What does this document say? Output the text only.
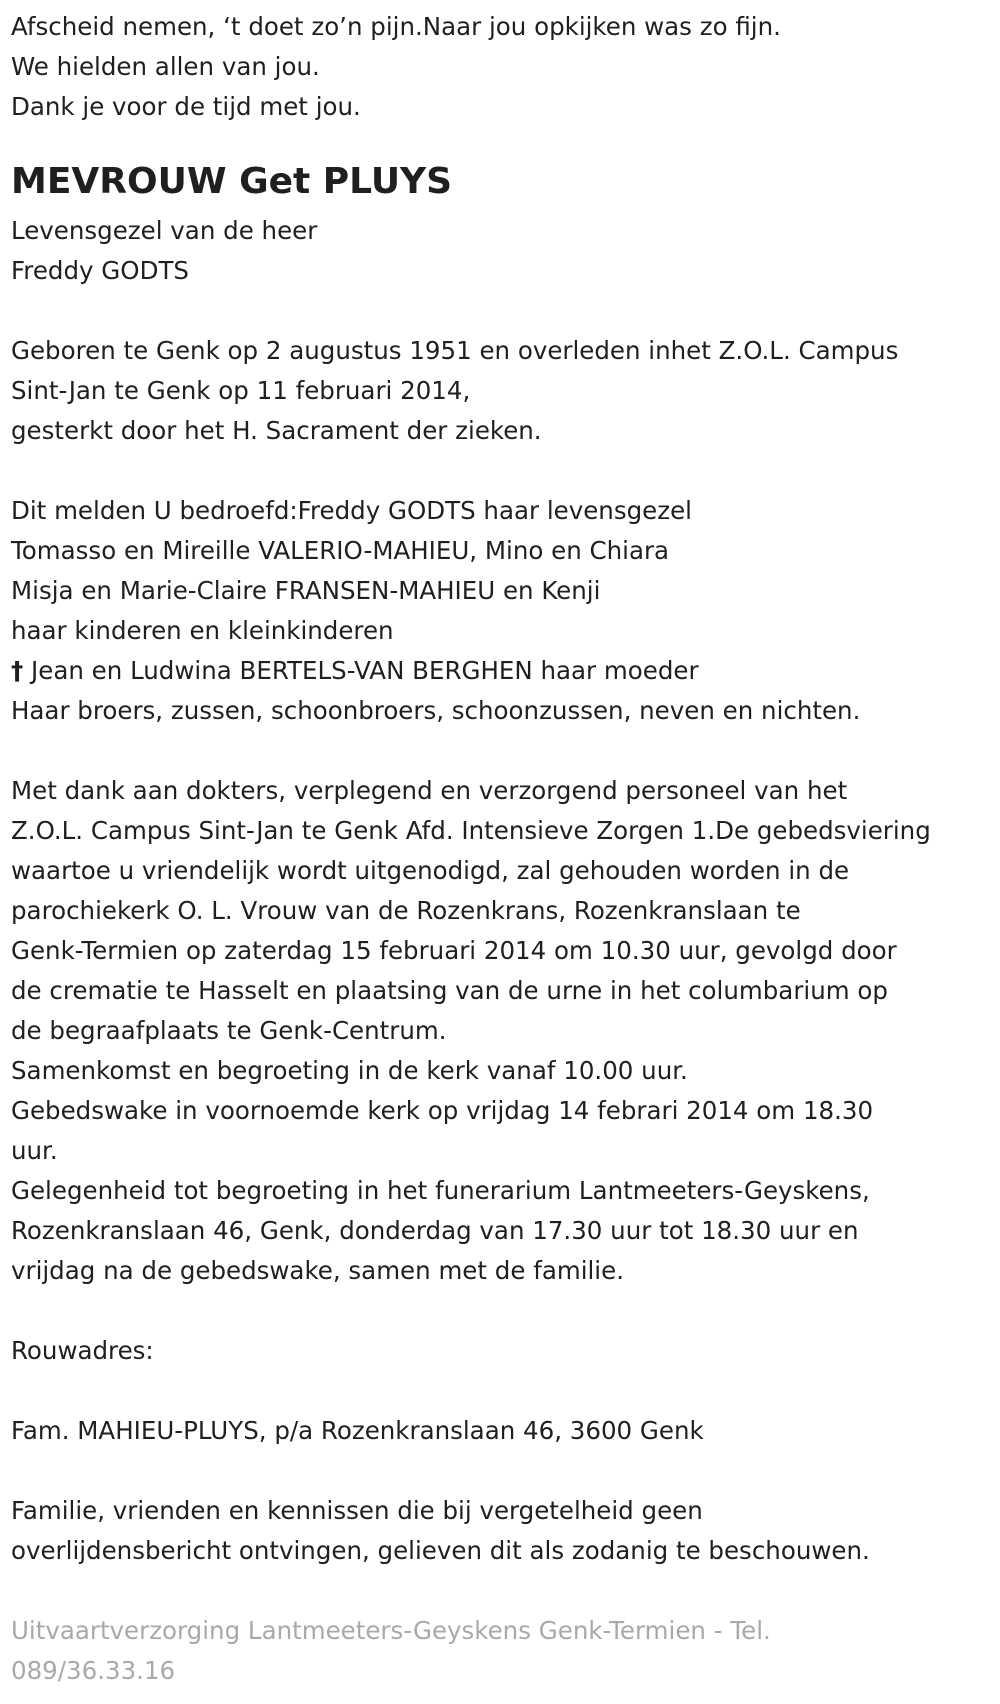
Afscheid nemen, ‘t doet zo’n pijn.Naar jou opkijken was zo fijn.
We hielden allen van jou.
Dank je voor de tijd met jou.
MEVROUW Get PLUYS
Levensgezel van de heer
Freddy GODTS
Geboren te Genk op 2 augustus 1951 en overleden inhet Z.O.L. Campus
Sint-Jan te Genk op 11 februari 2014,
gesterkt door het H. Sacrament der zieken.
Dit melden U bedroefd:Freddy GODTS haar levensgezel
Tomasso en Mireille VALERIO-MAHIEU, Mino en Chiara
Misja en Marie-Claire FRANSEN-MAHIEU en Kenji
haar kinderen en kleinkinderen
† Jean en Ludwina BERTELS-VAN BERGHEN haar moeder
Haar broers, zussen, schoonbroers, schoonzussen, neven en nichten.
Met dank aan dokters, verplegend en verzorgend personeel van het
Z.O.L. Campus Sint-Jan te Genk Afd. Intensieve Zorgen 1.De gebedsviering
waartoe u vriendelijk wordt uitgenodigd, zal gehouden worden in de
parochiekerk O. L. Vrouw van de Rozenkrans, Rozenkranslaan te
Genk-Termien op zaterdag 15 februari 2014 om 10.30 uur, gevolgd door
de crematie te Hasselt en plaatsing van de urne in het columbarium op
de begraafplaats te Genk-Centrum.
Samenkomst en begroeting in de kerk vanaf 10.00 uur.
Gebedswake in voornoemde kerk op vrijdag 14 febrari 2014 om 18.30
uur.
Gelegenheid tot begroeting in het funerarium Lantmeeters-Geyskens,
Rozenkranslaan 46, Genk, donderdag van 17.30 uur tot 18.30 uur en
vrijdag na de gebedswake, samen met de familie.
Rouwadres:
Fam. MAHIEU-PLUYS, p/a Rozenkranslaan 46, 3600 Genk
Familie, vrienden en kennissen die bij vergetelheid geen
overlijdensbericht ontvingen, gelieven dit als zodanig te beschouwen.
Uitvaartverzorging Lantmeeters-Geyskens Genk-Termien - Tel.
089/36.33.16
